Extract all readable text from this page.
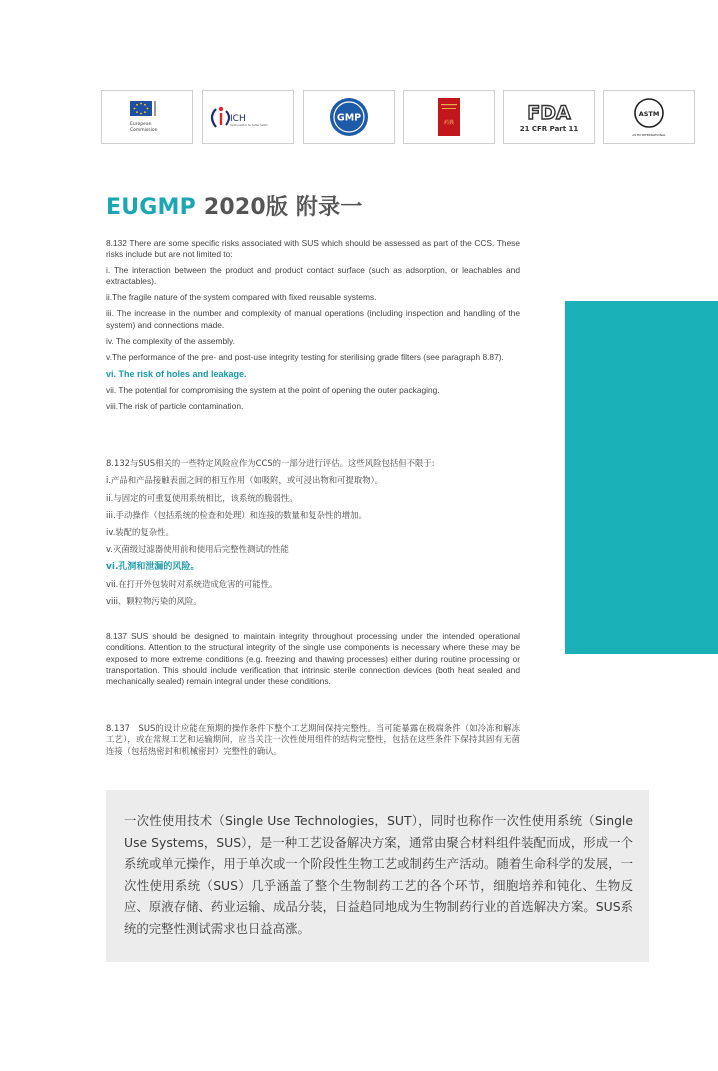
European
Commission
ICH
harmonisation for better health
GMP	药典	FDA
21 CFR Part 11
ASTM
ASTM INTERNATIONAL
EUGMP 2020版 附录一

8.132 There are some specific risks associated with SUS which should be assessed as part of the CCS. These risks include but are not limited to:

i. The interaction between the product and product contact surface (such as adsorption, or leachables and extractables).

ii.The fragile nature of the system compared with fixed reusable systems.

iii. The increase in the number and complexity of manual operations (including inspection and handling of the system) and connections made.

iv. The complexity of the assembly.

v.The performance of the pre- and post-use integrity testing for sterilising grade filters (see paragraph 8.87).

vi. The risk of holes and leakage.

vii. The potential for compromising the system at the point of opening the outer packaging.

viii.The risk of particle contamination.

8.132与SUS相关的一些特定风险应作为CCS的一部分进行评估。这些风险包括但不限于:

i.产品和产品接触表面之间的相互作用（如吸附，或可浸出物和可提取物）。

ii.与固定的可重复使用系统相比，该系统的脆弱性。

iii.手动操作（包括系统的检查和处理）和连接的数量和复杂性的增加。

iv.装配的复杂性。

v.灭菌级过滤器使用前和使用后完整性测试的性能

vi.孔洞和泄漏的风险。

vii.在打开外包装时对系统造成危害的可能性。

viii、颗粒物污染的风险。

8.137 SUS should be designed to maintain integrity throughout processing under the intended operational conditions. Attention to the structural integrity of the single use components is necessary where these may be exposed to more extreme conditions (e.g. freezing and thawing processes) either during routine processing or transportation. This should include verification that intrinsic sterile connection devices (both heat sealed and mechanically sealed) remain integral under these conditions.

8.137　SUS的设计应能在预期的操作条件下整个工艺期间保持完整性。当可能暴露在极端条件（如冷冻和解冻工艺），或在常规工艺和运输期间，应当关注一次性使用组件的结构完整性，包括在这些条件下保持其固有无菌连接（包括热密封和机械密封）完整性的确认。

一次性使用技术（Single Use Technologies，SUT），同时也称作一次性使用系统（Single Use Systems，SUS），是一种工艺设备解决方案，通常由聚合材料组件装配而成，形成一个系统或单元操作，用于单次或一个阶段性生物工艺或制药生产活动。随着生命科学的发展，一次性使用系统（SUS）几乎涵盖了整个生物制药工艺的各个环节，细胞培养和钝化、生物反应、原液存储、药业运输、成品分装，日益趋同地成为生物制药行业的首选解决方案。SUS系统的完整性测试需求也日益高涨。
